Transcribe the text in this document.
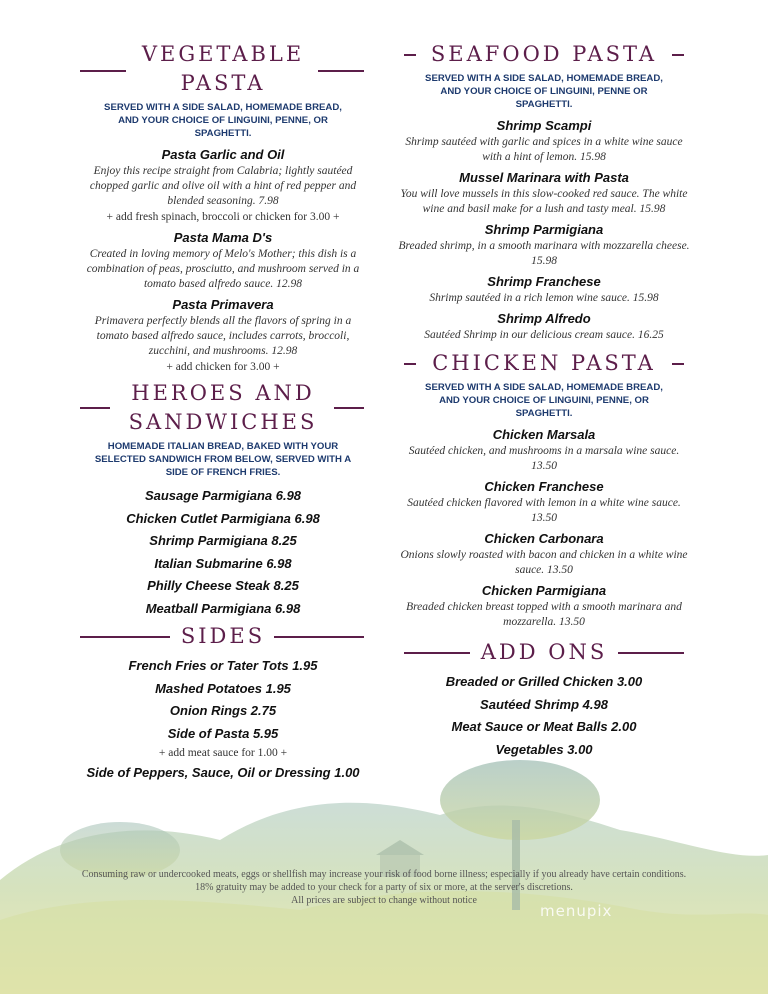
VEGETABLE

PASTA

SERVED WITH A SIDE SALAD, HOMEMADE BREAD, AND YOUR CHOICE OF LINGUINI, PENNE, OR SPAGHETTI.

Pasta Garlic and Oil

Enjoy this recipe straight from Calabria; lightly sautéed chopped garlic and olive oil with a hint of red pepper and blended seasoning. 7.98

+ add fresh spinach, broccoli or chicken for 3.00 +

Pasta Mama D's

Created in loving memory of Melo's Mother; this dish is a combination of peas, prosciutto, and mushroom served in a tomato based alfredo sauce. 12.98

Pasta Primavera

Primavera perfectly blends all the flavors of spring in a tomato based alfredo sauce, includes carrots, broccoli, zucchini, and mushrooms. 12.98

+ add chicken for 3.00 +

HEROES AND

SANDWICHES

HOMEMADE ITALIAN BREAD, BAKED WITH YOUR SELECTED SANDWICH FROM BELOW, SERVED WITH A SIDE OF FRENCH FRIES.

Sausage Parmigiana 6.98

Chicken Cutlet Parmigiana 6.98

Shrimp Parmigiana 8.25

Italian Submarine 6.98

Philly Cheese Steak 8.25

Meatball Parmigiana 6.98

SIDES

French Fries or Tater Tots 1.95

Mashed Potatoes 1.95

Onion Rings 2.75

Side of Pasta 5.95

+ add meat sauce for 1.00 +

Side of Peppers, Sauce, Oil or Dressing 1.00

SEAFOOD PASTA

SERVED WITH A SIDE SALAD, HOMEMADE BREAD, AND YOUR CHOICE OF LINGUINI, PENNE OR SPAGHETTI.

Shrimp Scampi

Shrimp sautéed with garlic and spices in a white wine sauce with a hint of lemon. 15.98

Mussel Marinara with Pasta

You will love mussels in this slow-cooked red sauce. The white wine and basil make for a lush and tasty meal. 15.98

Shrimp Parmigiana

Breaded shrimp, in a smooth marinara with mozzarella cheese. 15.98

Shrimp Franchese

Shrimp sautéed in a rich lemon wine sauce. 15.98

Shrimp Alfredo

Sautéed Shrimp in our delicious cream sauce. 16.25

CHICKEN PASTA

SERVED WITH A SIDE SALAD, HOMEMADE BREAD, AND YOUR CHOICE OF LINGUINI, PENNE, OR SPAGHETTI.

Chicken Marsala

Sautéed chicken, and mushrooms in a marsala wine sauce. 13.50

Chicken Franchese

Sautéed chicken flavored with lemon in a white wine sauce. 13.50

Chicken Carbonara

Onions slowly roasted with bacon and chicken in a white wine sauce. 13.50

Chicken Parmigiana

Breaded chicken breast topped with a smooth marinara and mozzarella. 13.50

ADD ONS

Breaded or Grilled Chicken 3.00

Sautéed Shrimp 4.98

Meat Sauce or Meat Balls 2.00

Vegetables 3.00

Consuming raw or undercooked meats, eggs or shellfish may increase your risk of food borne illness; especially if you already have certain conditions.
18% gratuity may be added to your check for a party of six or more, at the server's discretions.
All prices are subject to change without notice
menupix
